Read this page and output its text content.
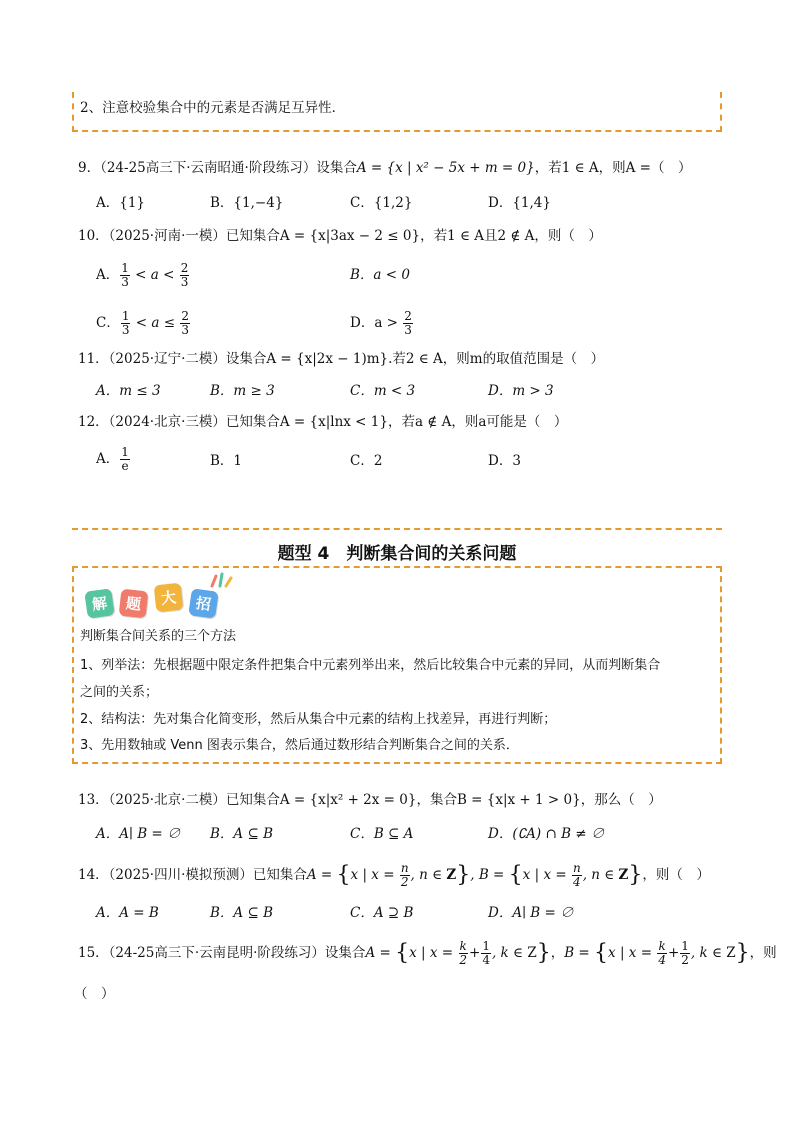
2、注意校验集合中的元素是否满足互异性．
9．（24-25高三下·云南昭通·阶段练习）设集合A = {x | x² − 5x + m = 0}，若1 ∈ A，则A =（　）
A．{1}	B．{1,−4}	C．{1,2}	D．{1,4}
10．（2025·河南·一模）已知集合A = {x|3ax − 2 ≤ 0}，若1 ∈ A且2 ∉ A，则（　）
A． $\frac{1}{3} < a < \frac{2}{3}$	B．a < 0
C． $\frac{1}{3} < a \le \frac{2}{3}$	D．$a > \frac{2}{3}$
11．（2025·辽宁·二模）设集合A = {x|2x − 1)m}.若2 ∈ A，则m的取值范围是（　）
A．m ≤ 3	B．m ≥ 3	C．m < 3	D．m > 3
12．（2024·北京·三模）已知集合A = {x|lnx < 1}，若a ∉ A，则a可能是（　）
A． $\frac{1}{e}$	B．1	C．2	D．3
题型 4　判断集合间的关系问题
解	题	大	招
判断集合间关系的三个方法
1、列举法：先根据题中限定条件把集合中元素列举出来，然后比较集合中元素的异同，从而判断集合
之间的关系；
2、结构法：先对集合化简变形，然后从集合中元素的结构上找差异，再进行判断；
3、先用数轴或 Venn 图表示集合，然后通过数形结合判断集合之间的关系．
13．（2025·北京·二模）已知集合A = {x|x² + 2x = 0}，集合B = {x|x + 1 > 0}，那么（　）
A．A∣ B = ∅ B．A ⊆ B	C．B ⊆ A	D．(∁A) ∩ B ≠ ∅
14．（2025·四川·模拟预测）已知集合A = {x | $x = \frac{n}{2}$ , n ∈ Z}, B = {x | $x = \frac{n}{4}$ , n ∈ Z}，则（　）
A．A = B	B．A ⊆ B	C．A ⊇ B	D．A∣ B = ∅
15．（24-25高三下·云南昆明·阶段练习）设集合A = {x | $x = \frac{k}{2} + \frac{1}{4}$ , k ∈ Z}，B = {x | $x = \frac{k}{4} + \frac{1}{2}$ , k ∈ Z}，则
（　）
